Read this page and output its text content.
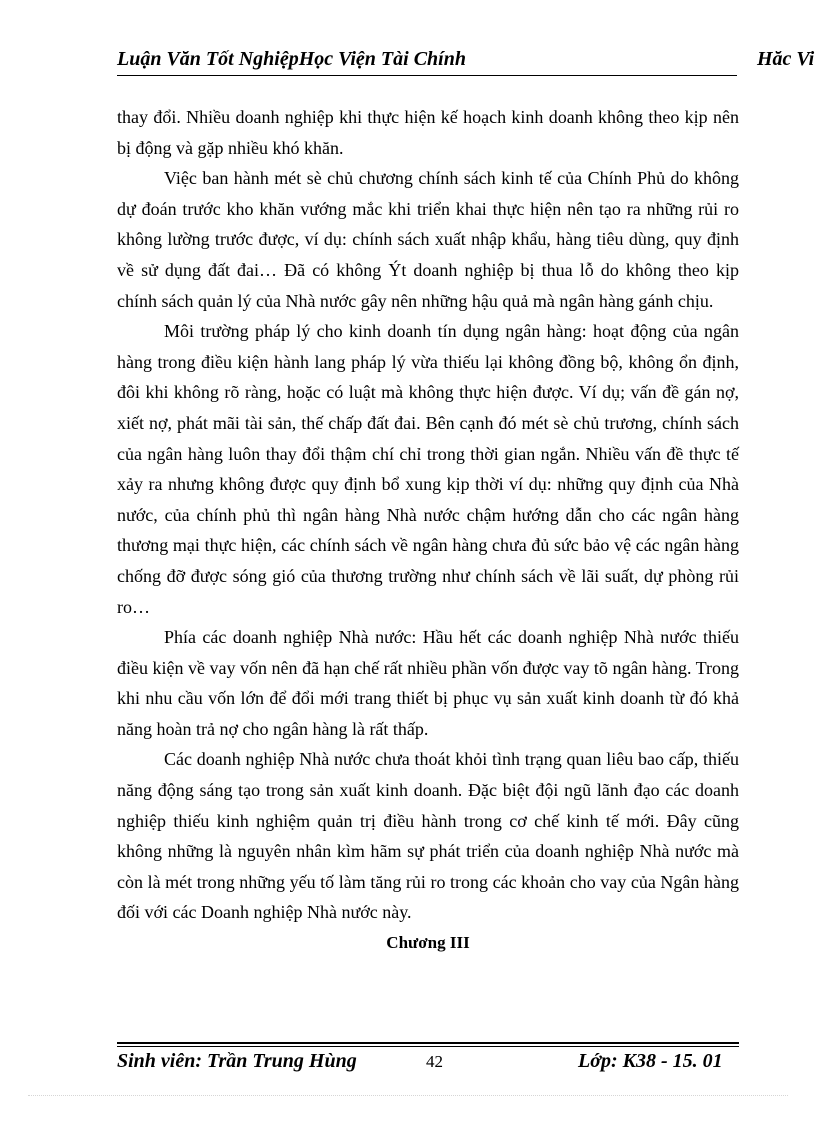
Luận Văn Tốt NghiệpHọc Viện Tài Chính	Hăc Vi

thay đổi. Nhiều doanh nghiệp khi thực hiện kế hoạch kinh doanh không theo kịp nên bị động và gặp nhiều khó khăn.

Việc ban hành mét sè chủ chương chính sách kinh tế của Chính Phủ do không dự đoán trước kho khăn vướng mắc khi triển khai thực hiện nên tạo ra những rủi ro không lường trước được, ví dụ: chính sách xuất nhập khẩu, hàng tiêu dùng, quy định về sử dụng đất đai… Đã có không Ýt doanh nghiệp bị thua lỗ do không theo kịp chính sách quản lý của Nhà nước gây nên những hậu quả mà ngân hàng gánh chịu.

Môi trường pháp lý cho kinh doanh tín dụng ngân hàng: hoạt động của ngân hàng trong điều kiện hành lang pháp lý vừa thiếu lại không đồng bộ, không ổn định, đôi khi không rõ ràng, hoặc có luật mà không thực hiện được. Ví dụ; vấn đề gán nợ, xiết nợ, phát mãi tài sản, thế chấp đất đai. Bên cạnh đó mét sè chủ trương, chính sách của ngân hàng luôn thay đổi thậm chí chỉ trong thời gian ngắn. Nhiều vấn đề thực tế xảy ra nhưng không được quy định bổ xung kịp thời ví dụ: những quy định của Nhà nước, của chính phủ thì ngân hàng Nhà nước chậm hướng dẫn cho các ngân hàng thương mại thực hiện, các chính sách về ngân hàng chưa đủ sức bảo vệ các ngân hàng chống đỡ được sóng gió của thương trường như chính sách về lãi suất, dự phòng rủi ro…

Phía các doanh nghiệp Nhà nước: Hầu hết các doanh nghiệp Nhà nước thiếu điều kiện về vay vốn nên đã hạn chế rất nhiều phần vốn được vay tõ ngân hàng. Trong khi nhu cầu vốn lớn để đổi mới trang thiết bị phục vụ sản xuất kinh doanh từ đó khả năng hoàn trả nợ cho ngân hàng là rất thấp.

Các doanh nghiệp Nhà nước chưa thoát khỏi tình trạng quan liêu bao cấp, thiếu năng động sáng tạo trong sản xuất kinh doanh. Đặc biệt đội ngũ lãnh đạo các doanh nghiệp thiếu kinh nghiệm quản trị điều hành trong cơ chế kinh tế mới. Đây cũng không những là nguyên nhân kìm hãm sự phát triển của doanh nghiệp Nhà nước mà còn là mét trong những yếu tố làm tăng rủi ro trong các khoản cho vay của Ngân hàng đối với các Doanh nghiệp Nhà nước này.

Chương III
Sinh viên: Trần Trung Hùng	42	Lớp: K38 - 15. 01
